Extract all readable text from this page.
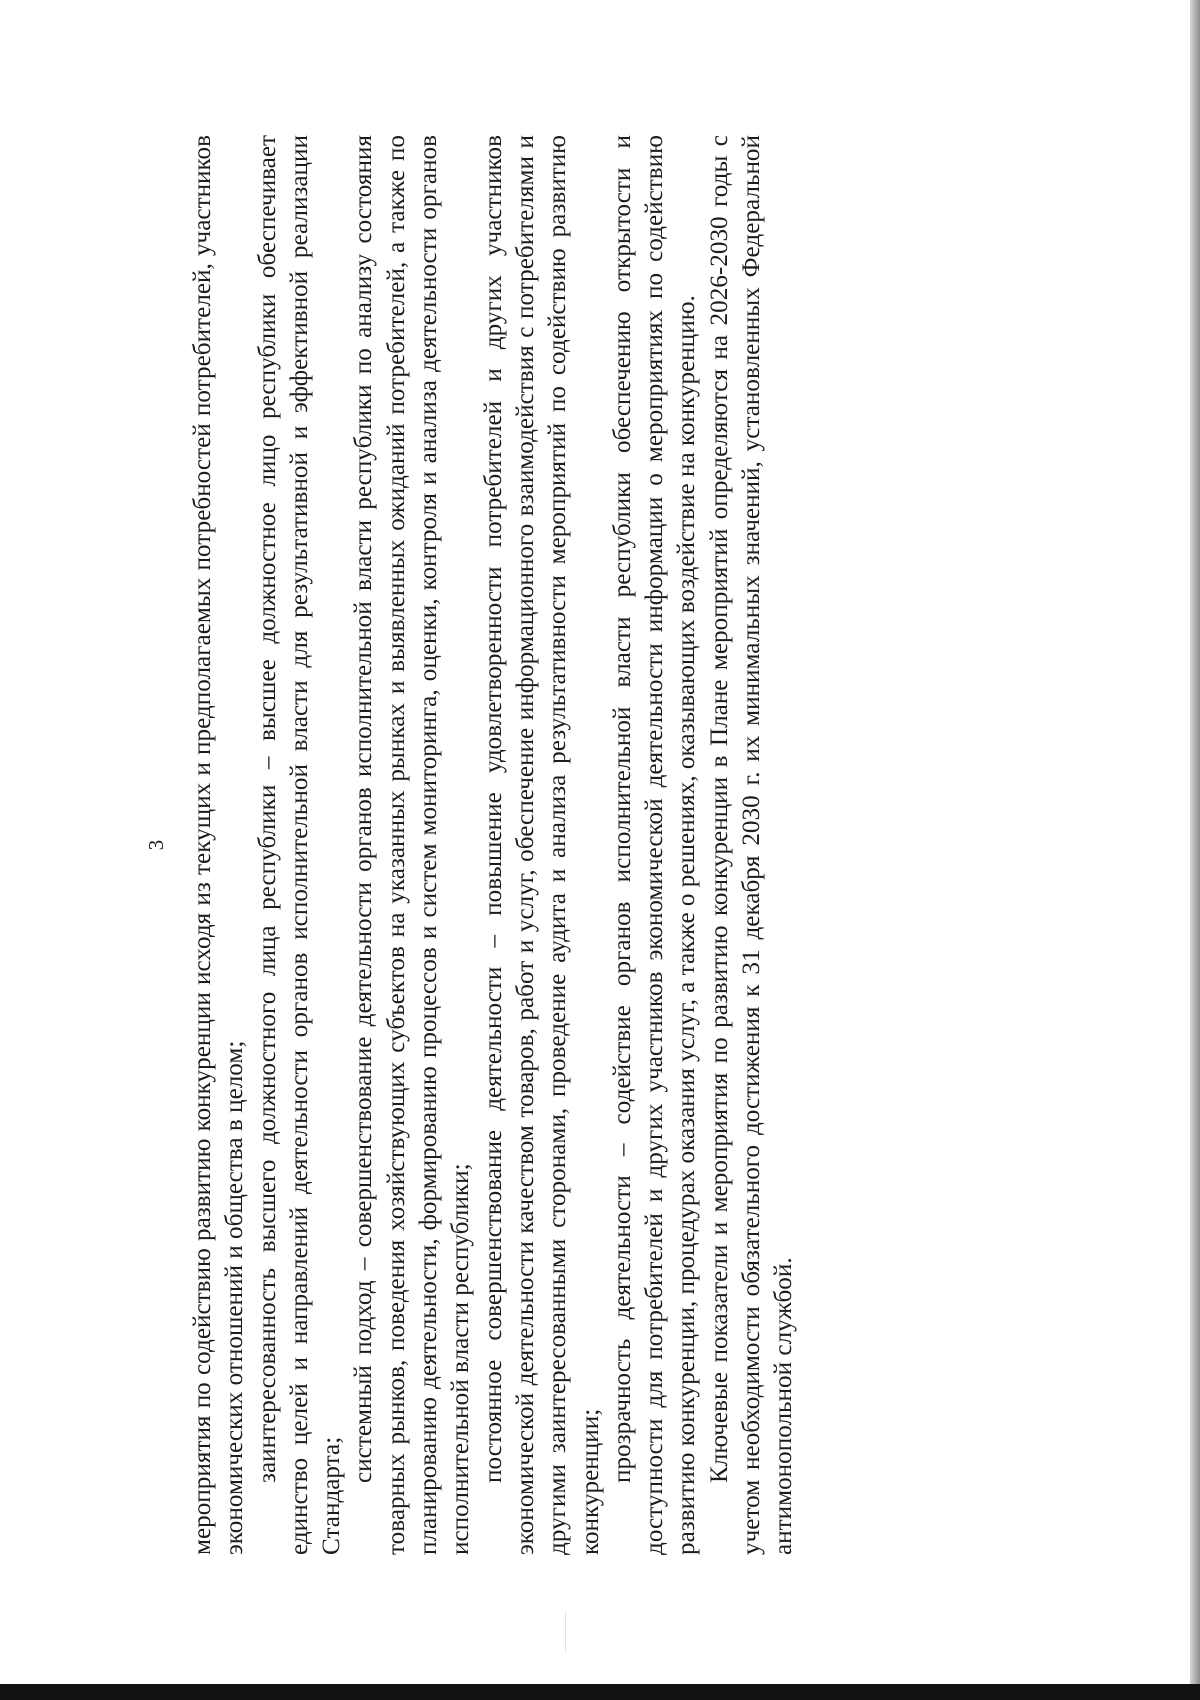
3 мероприятия по содействию развитию конкуренции исходя из текущих и предполагаемых потребностей потребителей, участников экономических отношений и общества в целом; заинтересованность высшего должностного лица республики – высшее должностное лицо республики обеспечивает единство целей и направлений деятельности органов исполнительной власти для результативной и эффективной реализации Стандарта;

системный подход – совершенствование деятельности органов исполнительной власти республики по анализу состояния товарных рынков, поведения хозяйствующих субъектов на указанных рынках и выявленных ожиданий потребителей, а также по планированию деятельности, формированию процессов и систем мониторинга, оценки, контроля и анализа деятельности органов исполнительной власти республики; постоянное совершенствование деятельности – повышение удовлетворенности потребителей и других участников экономической деятельности качеством товаров, работ и услуг, обеспечение информационного взаимодействия с потребителями и другими заинтересованными сторонами, проведение аудита и анализа результативности мероприятий по содействию развитию конкуренции; прозрачность деятельности – содействие органов исполнительной власти республики обеспечению открытости и доступности для потребителей и других участников экономической деятельности информации о мероприятиях по содействию развитию конкуренции, процедурах оказания услуг, а также о решениях, оказывающих воздействие на конкуренцию. Ключевые показатели и мероприятия по развитию конкуренции в Плане мероприятий определяются на 2026-2030 годы с учетом необходимости обязательного достижения к 31 декабря 2030 г. их минимальных значений, установленных Федеральной антимонопольной службой.
